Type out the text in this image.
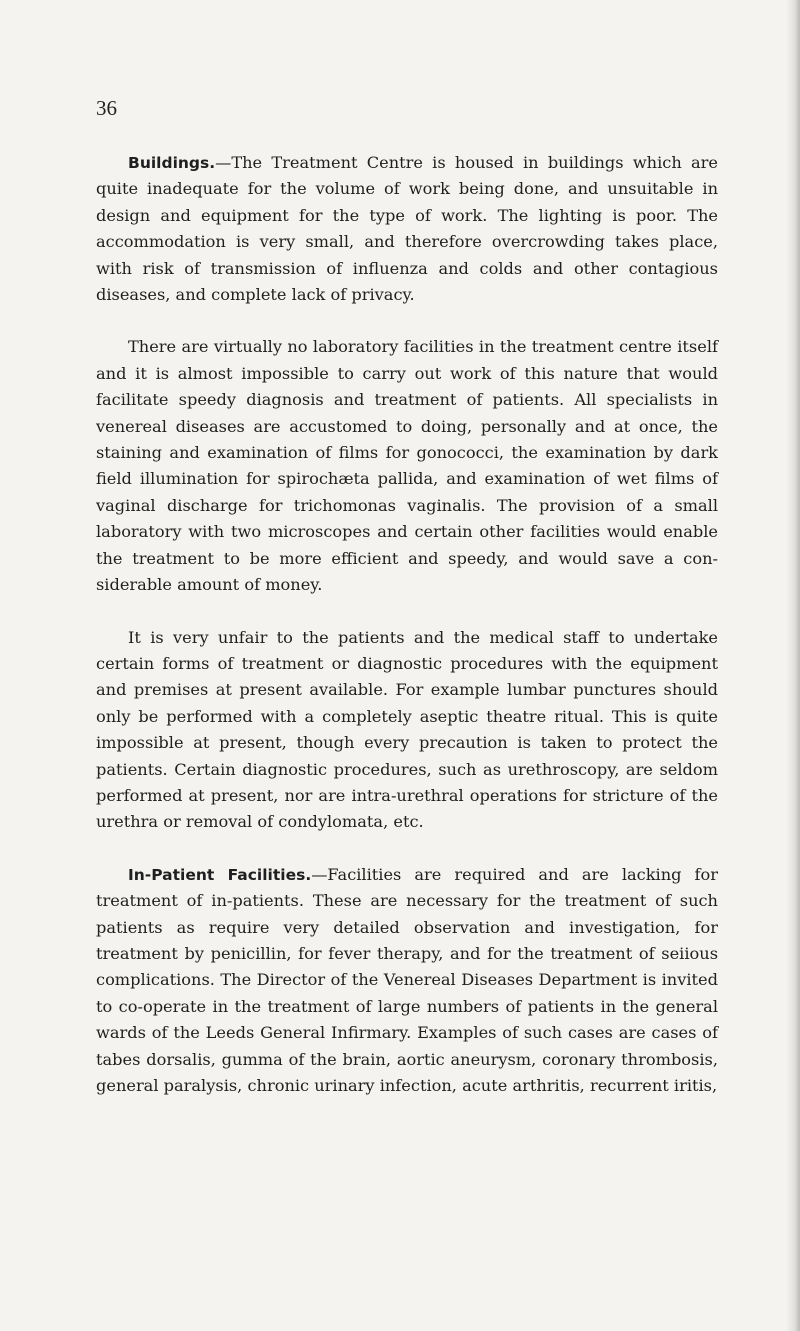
36

Buildings.—The Treatment Centre is housed in buildings which are quite inadequate for the volume of work being done, and unsuitable in design and equipment for the type of work. The lighting is poor. The accommodation is very small, and therefore overcrowding takes place, with risk of transmission of influenza and colds and other contagious diseases, and complete lack of privacy.

There are virtually no laboratory facilities in the treatment centre itself and it is almost impossible to carry out work of this nature that would facilitate speedy diagnosis and treatment of patients. All specialists in venereal diseases are accustomed to doing, personally and at once, the staining and examination of films for gonococci, the examination by dark field illumination for spirochæta pallida, and examination of wet films of vaginal discharge for trichomonas vaginalis. The provision of a small laboratory with two microscopes and certain other facilities would enable the treatment to be more efficient and speedy, and would save a considerable amount of money.

It is very unfair to the patients and the medical staff to undertake certain forms of treatment or diagnostic procedures with the equipment and premises at present available. For example lumbar punctures should only be performed with a completely aseptic theatre ritual. This is quite impossible at present, though every precaution is taken to protect the patients. Certain diagnostic procedures, such as urethroscopy, are seldom performed at present, nor are intra-urethral operations for stricture of the urethra or removal of condylomata, etc.

In-Patient Facilities.—Facilities are required and are lacking for treatment of in-patients. These are necessary for the treatment of such patients as require very detailed observation and investigation, for treatment by penicillin, for fever therapy, and for the treatment of seiious complications. The Director of the Venereal Diseases Department is invited to co-operate in the treatment of large numbers of patients in the general wards of the Leeds General Infirmary. Examples of such cases are cases of tabes dorsalis, gumma of the brain, aortic aneurysm, coronary thrombosis, general paralysis, chronic urinary infection, acute arthritis, recurrent iritis,
